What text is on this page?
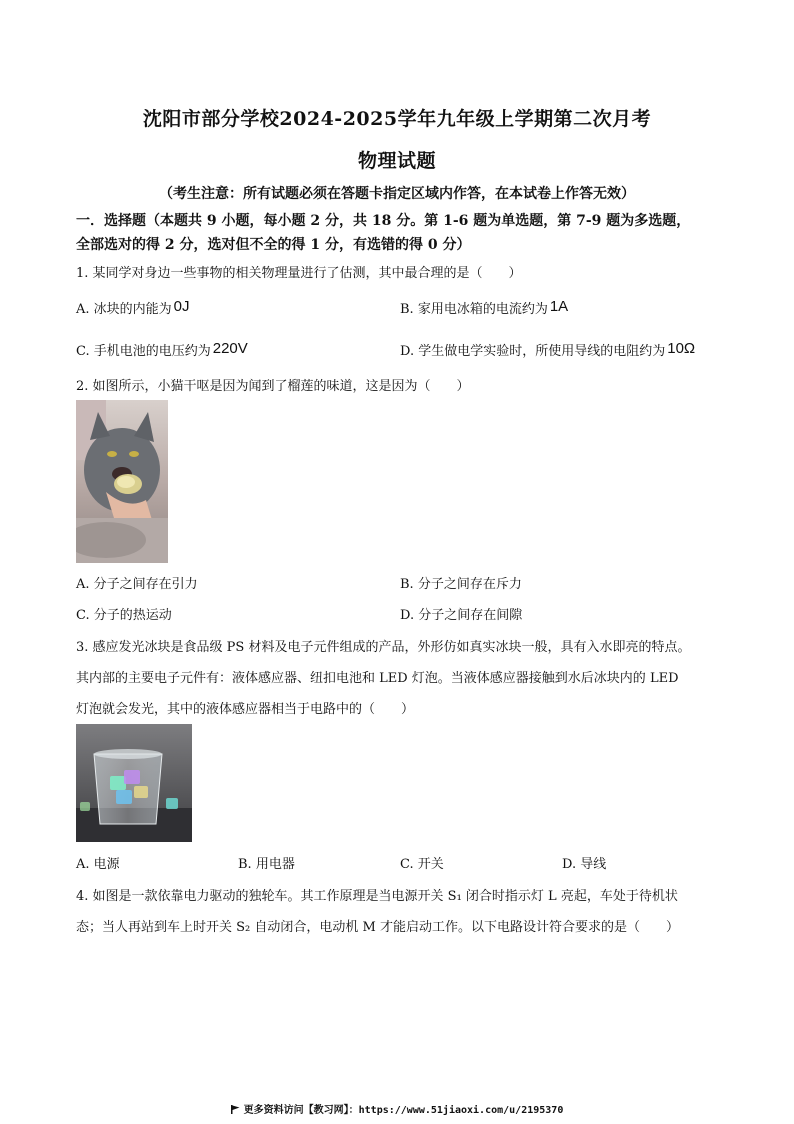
沈阳市部分学校2024-2025学年九年级上学期第二次月考
物理试题
（考生注意：所有试题必须在答题卡指定区域内作答，在本试卷上作答无效）
一．选择题（本题共 9 小题，每小题 2 分，共 18 分。第 1-6 题为单选题，第 7-9 题为多选题，
全部选对的得 2 分，选对但不全的得 1 分，有选错的得 0 分）
1. 某同学对身边一些事物的相关物理量进行了估测，其中最合理的是（　　）
A. 冰块的内能为 0J	B. 家用电冰箱的电流约为 1A
C. 手机电池的电压约为 220V	D. 学生做电学实验时，所使用导线的电阻约为 10Ω
2. 如图所示，小猫干呕是因为闻到了榴莲的味道，这是因为（　　）
A. 分子之间存在引力	B. 分子之间存在斥力
C. 分子的热运动	D. 分子之间存在间隙
3. 感应发光冰块是食品级 PS 材料及电子元件组成的产品，外形仿如真实冰块一般，具有入水即亮的特点。
其内部的主要电子元件有：液体感应器、纽扣电池和 LED 灯泡。当液体感应器接触到水后冰块内的 LED
灯泡就会发光，其中的液体感应器相当于电路中的（　　）
A. 电源	B. 用电器	C. 开关	D. 导线
4. 如图是一款依靠电力驱动的独轮车。其工作原理是当电源开关 S₁ 闭合时指示灯 L 亮起，车处于待机状
态；当人再站到车上时开关 S₂ 自动闭合，电动机 M 才能启动工作。以下电路设计符合要求的是（　　）
更多资料访问【教习网】：https://www.51jiaoxi.com/u/2195370
